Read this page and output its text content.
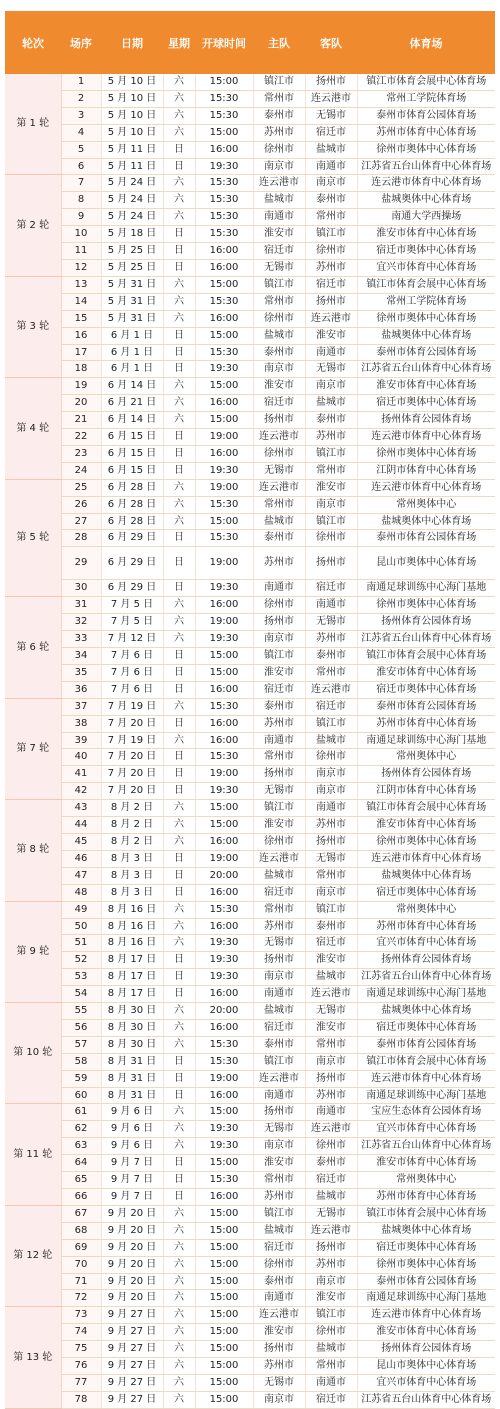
轮次	场序	日期	星期	开球时间	主队	客队	体育场
第 1 轮	1	5 月 10 日	六	15:00	镇江市	扬州市	镇江市体育会展中心体育场
	2	5 月 10 日	六	15:30	常州市	连云港市	常州工学院体育场
	3	5 月 10 日	六	15:30	泰州市	无锡市	泰州市体育公园体育场
	4	5 月 10 日	六	15:00	苏州市	宿迁市	苏州市体育中心体育场
	5	5 月 11 日	日	16:00	徐州市	盐城市	徐州市奥体中心体育场
	6	5 月 11 日	日	19:30	南京市	南通市	江苏省五台山体育中心体育场
第 2 轮	7	5 月 24 日	六	15:30	连云港市	南京市	连云港市体育中心体育场
	8	5 月 24 日	六	15:30	盐城市	泰州市	盐城奥体中心体育场
	9	5 月 24 日	六	15:30	南通市	常州市	南通大学西操场
	10	5 月 18 日	日	15:30	淮安市	镇江市	淮安市体育中心体育场
	11	5 月 25 日	日	16:00	宿迁市	徐州市	宿迁市奥体中心体育场
	12	5 月 25 日	日	16:00	无锡市	苏州市	宜兴市体育中心体育场
第 3 轮	13	5 月 31 日	六	15:00	镇江市	宿迁市	镇江市体育会展中心体育场
	14	5 月 31 日	六	15:30	常州市	扬州市	常州工学院体育场
	15	5 月 31 日	六	16:00	徐州市	连云港市	徐州市奥体中心体育场
	16	6 月 1 日	日	15:00	盐城市	淮安市	盐城奥体中心体育场
	17	6 月 1 日	日	15:30	泰州市	南通市	泰州市体育公园体育场
	18	6 月 1 日	日	19:30	南京市	无锡市	江苏省五台山体育中心体育场
第 4 轮	19	6 月 14 日	六	15:00	淮安市	南京市	淮安市体育中心体育场
	20	6 月 21 日	六	16:00	宿迁市	盐城市	宿迁市奥体中心体育场
	21	6 月 14 日	六	15:00	扬州市	泰州市	扬州体育公园体育场
	22	6 月 15 日	日	19:00	连云港市	苏州市	连云港市体育中心体育场
	23	6 月 15 日	日	16:00	徐州市	镇江市	徐州市奥体中心体育场
	24	6 月 15 日	日	19:30	无锡市	常州市	江阴市体育中心体育场
第 5 轮	25	6 月 28 日	六	19:00	连云港市	淮安市	连云港市体育中心体育场
	26	6 月 28 日	六	15:30	常州市	南京市	常州奥体中心
	27	6 月 28 日	六	15:00	盐城市	镇江市	盐城奥体中心体育场
	28	6 月 29 日	日	15:30	泰州市	徐州市	泰州市体育公园体育场
	29	6 月 29 日	日	19:00	苏州市	扬州市	昆山市奥体中心体育场
	30	6 月 29 日	日	19:30	南通市	宿迁市	南通足球训练中心海门基地
第 6 轮	31	7 月 5 日	六	16:00	徐州市	南通市	徐州市奥体中心体育场
	32	7 月 5 日	六	19:00	扬州市	无锡市	扬州体育公园体育场
	33	7 月 12 日	六	19:30	南京市	苏州市	江苏省五台山体育中心体育场
	34	7 月 6 日	日	15:00	镇江市	泰州市	镇江市体育会展中心体育场
	35	7 月 6 日	日	15:00	淮安市	常州市	淮安市体育中心体育场
	36	7 月 6 日	日	16:00	宿迁市	连云港市	宿迁市奥体中心体育场
第 7 轮	37	7 月 19 日	六	15:30	泰州市	宿迁市	泰州市体育公园体育场
	38	7 月 20 日	日	16:00	苏州市	镇江市	苏州市体育中心体育场
	39	7 月 19 日	六	16:00	南通市	盐城市	南通足球训练中心海门基地
	40	7 月 20 日	日	15:30	常州市	徐州市	常州奥体中心
	41	7 月 20 日	日	19:00	扬州市	南京市	扬州体育公园体育场
	42	7 月 20 日	日	19:30	无锡市	南京市	江阴市体育中心体育场
第 8 轮	43	8 月 2 日	六	15:00	镇江市	南通市	镇江市体育会展中心体育场
	44	8 月 2 日	六	15:00	淮安市	苏州市	淮安市体育中心体育场
	45	8 月 2 日	六	16:00	徐州市	扬州市	徐州市奥体中心体育场
	46	8 月 3 日	日	19:00	连云港市	无锡市	连云港市体育中心体育场
	47	8 月 3 日	日	20:00	盐城市	常州市	盐城奥体中心体育场
	48	8 月 3 日	日	16:00	宿迁市	南京市	宿迁市奥体中心体育场
第 9 轮	49	8 月 16 日	六	15:30	常州市	镇江市	常州奥体中心
	50	8 月 16 日	六	16:00	苏州市	泰州市	苏州市体育中心体育场
	51	8 月 16 日	六	19:30	无锡市	宿迁市	宜兴市体育中心体育场
	52	8 月 17 日	日	19:30	扬州市	淮安市	扬州体育公园体育场
	53	8 月 17 日	日	19:30	南京市	盐城市	江苏省五台山体育中心体育场
	54	8 月 17 日	日	16:00	南通市	连云港市	南通足球训练中心海门基地
第 10 轮	55	8 月 30 日	六	20:00	盐城市	无锡市	盐城奥体中心体育场
	56	8 月 30 日	六	16:00	宿迁市	淮安市	宿迁市奥体中心体育场
	57	8 月 30 日	六	15:30	泰州市	常州市	泰州市体育公园体育场
	58	8 月 31 日	日	15:30	镇江市	南京市	镇江市体育会展中心体育场
	59	8 月 31 日	日	19:00	连云港市	扬州市	连云港市体育中心体育场
	60	8 月 31 日	日	16:00	南通市	苏州市	南通足球训练中心海门基地
第 11 轮	61	9 月 6 日	六	15:00	扬州市	南通市	宝应生态体育公园体育场
	62	9 月 6 日	六	19:30	无锡市	连云港市	宜兴市体育中心体育场
	63	9 月 6 日	六	19:30	南京市	徐州市	江苏省五台山体育中心体育场
	64	9 月 7 日	日	15:00	淮安市	泰州市	淮安市体育中心体育场
	65	9 月 7 日	日	15:30	常州市	宿迁市	常州奥体中心
	66	9 月 7 日	日	16:00	苏州市	盐城市	苏州市体育中心体育场
第 12 轮	67	9 月 20 日	六	15:00	镇江市	无锡市	镇江市体育会展中心体育场
	68	9 月 20 日	六	15:00	盐城市	连云港市	盐城奥体中心体育场
	69	9 月 20 日	六	15:00	宿迁市	扬州市	宿迁市奥体中心体育场
	70	9 月 20 日	六	15:00	徐州市	苏州市	徐州市奥体中心体育场
	71	9 月 20 日	六	15:00	泰州市	南京市	泰州市体育公园体育场
	72	9 月 20 日	六	15:00	南通市	淮安市	南通足球训练中心海门基地
第 13 轮	73	9 月 27 日	六	15:00	连云港市	镇江市	连云港市体育中心体育场
	74	9 月 27 日	六	15:00	淮安市	徐州市	淮安市体育中心体育场
	75	9 月 27 日	六	15:00	扬州市	盐城市	扬州体育公园体育场
	76	9 月 27 日	六	15:00	苏州市	常州市	昆山市奥体中心体育场
	77	9 月 27 日	六	15:00	无锡市	南通市	宜兴市体育中心体育场
	78	9 月 27 日	六	15:00	南京市	宿迁市	江苏省五台山体育中心体育场
